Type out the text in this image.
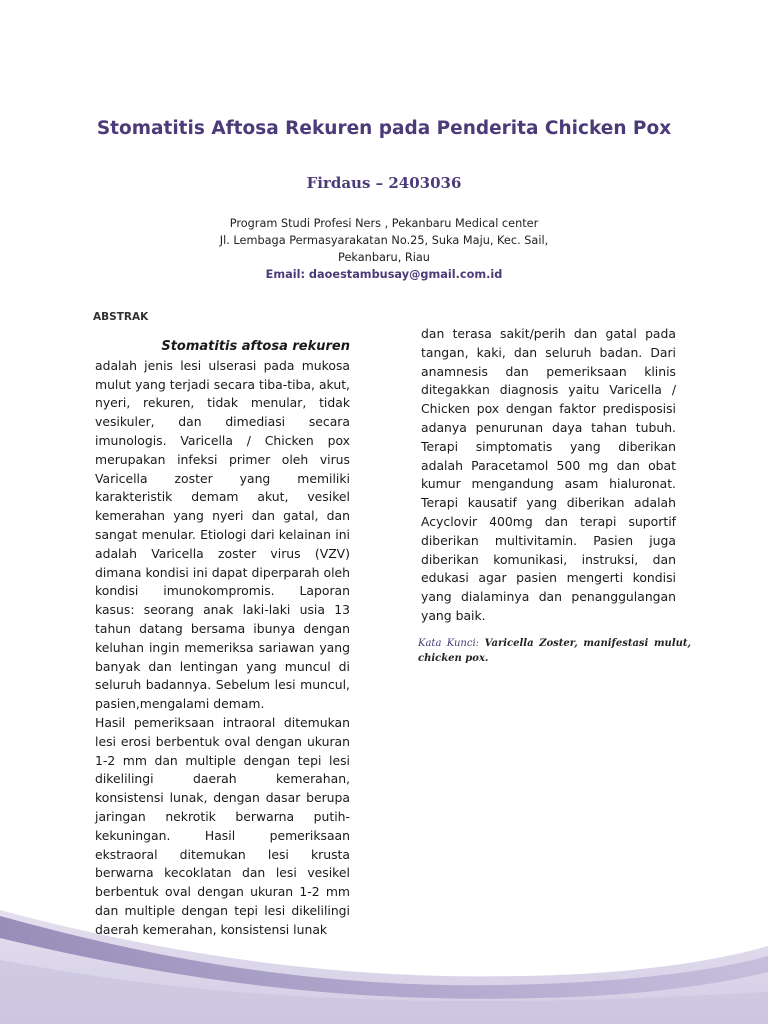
Stomatitis Aftosa Rekuren pada Penderita Chicken Pox
Firdaus – 2403036
Program Studi Profesi Ners , Pekanbaru Medical center
Jl. Lembaga Permasyarakatan No.25, Suka Maju, Kec. Sail,
Pekanbaru, Riau
Email: daoestambusay@gmail.com.id
ABSTRAK

Stomatitis aftosa rekuren
adalah jenis lesi ulserasi pada mukosa mulut yang terjadi secara tiba-tiba, akut, nyeri, rekuren, tidak menular, tidak vesikuler, dan dimediasi secara imunologis. Varicella / Chicken pox merupakan infeksi primer oleh virus Varicella zoster yang memiliki karakteristik demam akut, vesikel kemerahan yang nyeri dan gatal, dan sangat menular. Etiologi dari kelainan ini adalah Varicella zoster virus (VZV) dimana kondisi ini dapat diperparah oleh kondisi imunokompromis. Laporan kasus: seorang anak laki-laki usia 13 tahun datang bersama ibunya dengan keluhan ingin memeriksa sariawan yang banyak dan lentingan yang muncul di seluruh badannya. Sebelum lesi muncul, pasien,mengalami demam.

Hasil pemeriksaan intraoral ditemukan lesi erosi berbentuk oval dengan ukuran 1-2 mm dan multiple dengan tepi lesi dikelilingi daerah kemerahan, konsistensi lunak, dengan dasar berupa jaringan nekrotik berwarna putih-kekuningan. Hasil pemeriksaan ekstraoral ditemukan lesi krusta berwarna kecoklatan dan lesi vesikel berbentuk oval dengan ukuran 1-2 mm dan multiple dengan tepi lesi dikelilingi daerah kemerahan, konsistensi lunak

dan terasa sakit/perih dan gatal pada tangan, kaki, dan seluruh badan. Dari anamnesis dan pemeriksaan klinis ditegakkan diagnosis yaitu Varicella / Chicken pox dengan faktor predisposisi adanya penurunan daya tahan tubuh. Terapi simptomatis yang diberikan adalah Paracetamol 500 mg dan obat kumur mengandung asam hialuronat. Terapi kausatif yang diberikan adalah Acyclovir 400mg dan terapi suportif diberikan multivitamin. Pasien juga diberikan komunikasi, instruksi, dan edukasi agar pasien mengerti kondisi yang dialaminya dan penanggulangan yang baik.

Kata Kunci: Varicella Zoster, manifestasi mulut, chicken pox.
